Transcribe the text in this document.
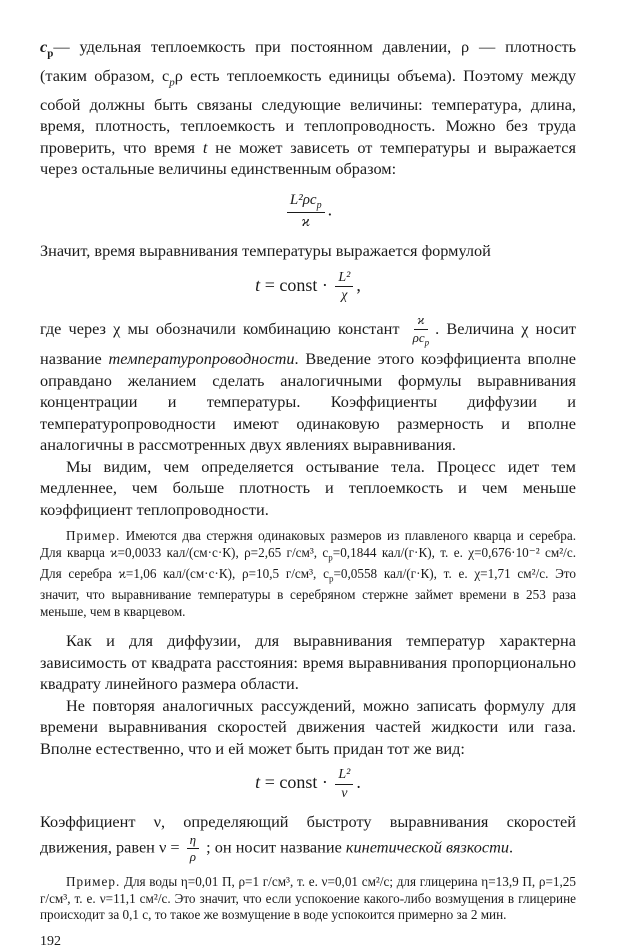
$c_p—$ удельная теплоемкость при постоянном давлении, ρ — плотность (таким образом, $c_p\rho$ есть теплоемкость единицы объема). Поэтому между собой должны быть связаны следующие величины: температура, длина, время, плотность, теплоемкость и теплопроводность. Можно без труда проверить, что время t не может зависеть от температуры и выражается через остальные величины единственным образом:

$\frac{L^2\rho c_p}{ϰ}$ .

Значит, время выравнивания температуры выражается формулой

t = const · $\frac{\text{L²}}{\chi}$ ,

где через χ мы обозначили комбинацию констант $\frac{ϰ}{\rho c_p}$ . Величина χ носит название температуропроводности. Введение этого коэффициента вполне оправдано желанием сделать аналогичными формулы выравнивания концентрации и температуры. Коэффициенты диффузии и температуропроводности имеют одинаковую размерность и вполне аналогичны в рассмотренных двух явлениях выравнивания.

Мы видим, чем определяется остывание тела. Процесс идет тем медленнее, чем больше плотность и теплоемкость и чем меньше коэффициент теплопроводности.

Пример. Имеются два стержня одинаковых размеров из плавленого кварца и серебра. Для кварца ϰ=0,0033 кал/(см·с·К), ρ=2,65 г/см³, $c_p=0,1844$ кал/(г·К), т. е. χ=0,676·10⁻² см²/с. Для серебра ϰ=1,06 кал/(см·с·К), ρ=10,5 г/см³, $c_p=0,0558$ кал/(г·К), т. е. χ=1,71 см²/с. Это значит, что выравнивание температуры в серебряном стержне займет времени в 253 раза меньше, чем в кварцевом.

Как и для диффузии, для выравнивания температур характерна зависимость от квадрата расстояния: время выравнивания пропорционально квадрату линейного размера области.

Не повторяя аналогичных рассуждений, можно записать формулу для времени выравнивания скоростей движения частей жидкости или газа. Вполне естественно, что и ей может быть придан тот же вид:

t = const · $\frac{\text{L²}}{\nu}$ .

Коэффициент ν, определяющий быстроту выравнивания скоростей движения, равен $\nu = \frac{\eta}{\rho}$ ; он носит название кинетической вязкости.

Пример. Для воды η=0,01 П, ρ=1 г/см³, т. е. ν=0,01 см²/с; для глицерина η=13,9 П, ρ=1,25 г/см³, т. е. ν=11,1 см²/с. Это значит, что если успокоение какого-либо возмущения в глицерине происходит за 0,1 с, то такое же возмущение в воде успокоится примерно за 2 мин.

192
